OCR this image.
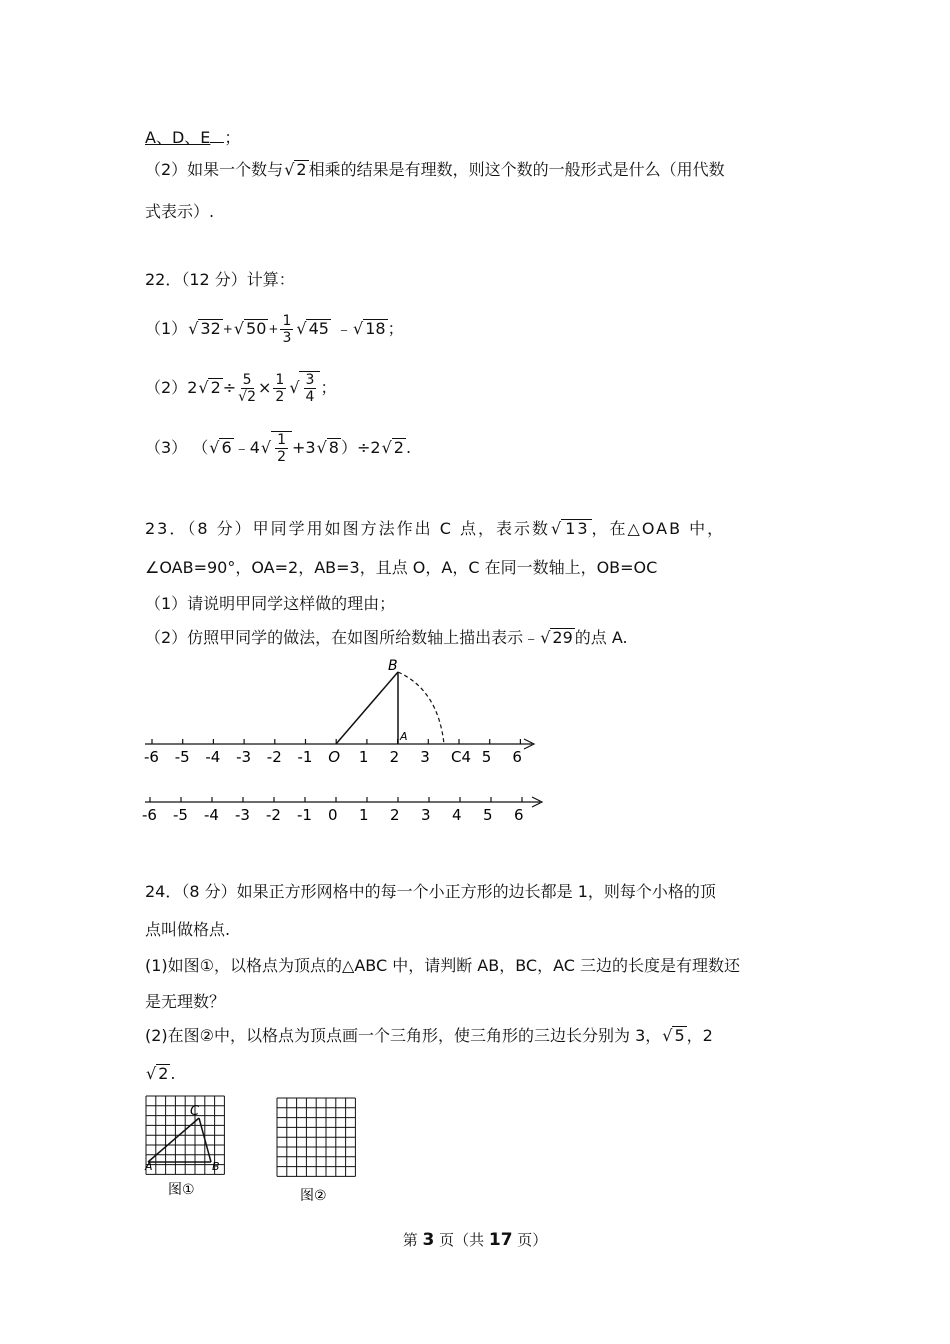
A、D、E ；
（2）如果一个数与√ 2 相乘的结果是有理数，则这个数的一般形式是什么（用代数
式表示）.
22．（12 分）计算：
（1）√ 32 +√ 50 $^+ \frac{1}{3}$
√ 45 ﹣√ 18 ；
（2）2√ $2 \div \frac{5}{√2} \times \frac{1}{2}$
√ $\frac{3}{4}$ ；
（3） （√ 6 ﹣4
√ $\frac{1}{2} +3√$ 8 ）÷2√ 2 .
23．（8 分）甲同学用如图方法作出 C 点，表示数√ 13 ，在△OAB 中，
∠OAB=90°，OA=2，AB=3，且点 O，A，C 在同一数轴上，OB=OC
（1）请说明甲同学这样做的理由；
（2）仿照甲同学的做法，在如图所给数轴上描出表示﹣√ 29 的点 A.
-6 -5 -4 -3 -2 -1 O 1 2 3 C4 5 6
B
A
-6 -5 -4 -3 -2 -1 0 1 2 3 4 5 6
24．（8 分）如果正方形网格中的每一个小正方形的边长都是 1，则每个小格的顶
点叫做格点.
(1)如图①，以格点为顶点的△ABC 中，请判断 AB，BC，AC 三边的长度是有理数还
是无理数？
(2)在图②中，以格点为顶点画一个三角形，使三角形的三边长分别为 3，√ 5 ，2
√ 2 .
A	B
C
图①	图②
第 3 页（共 17 页）
